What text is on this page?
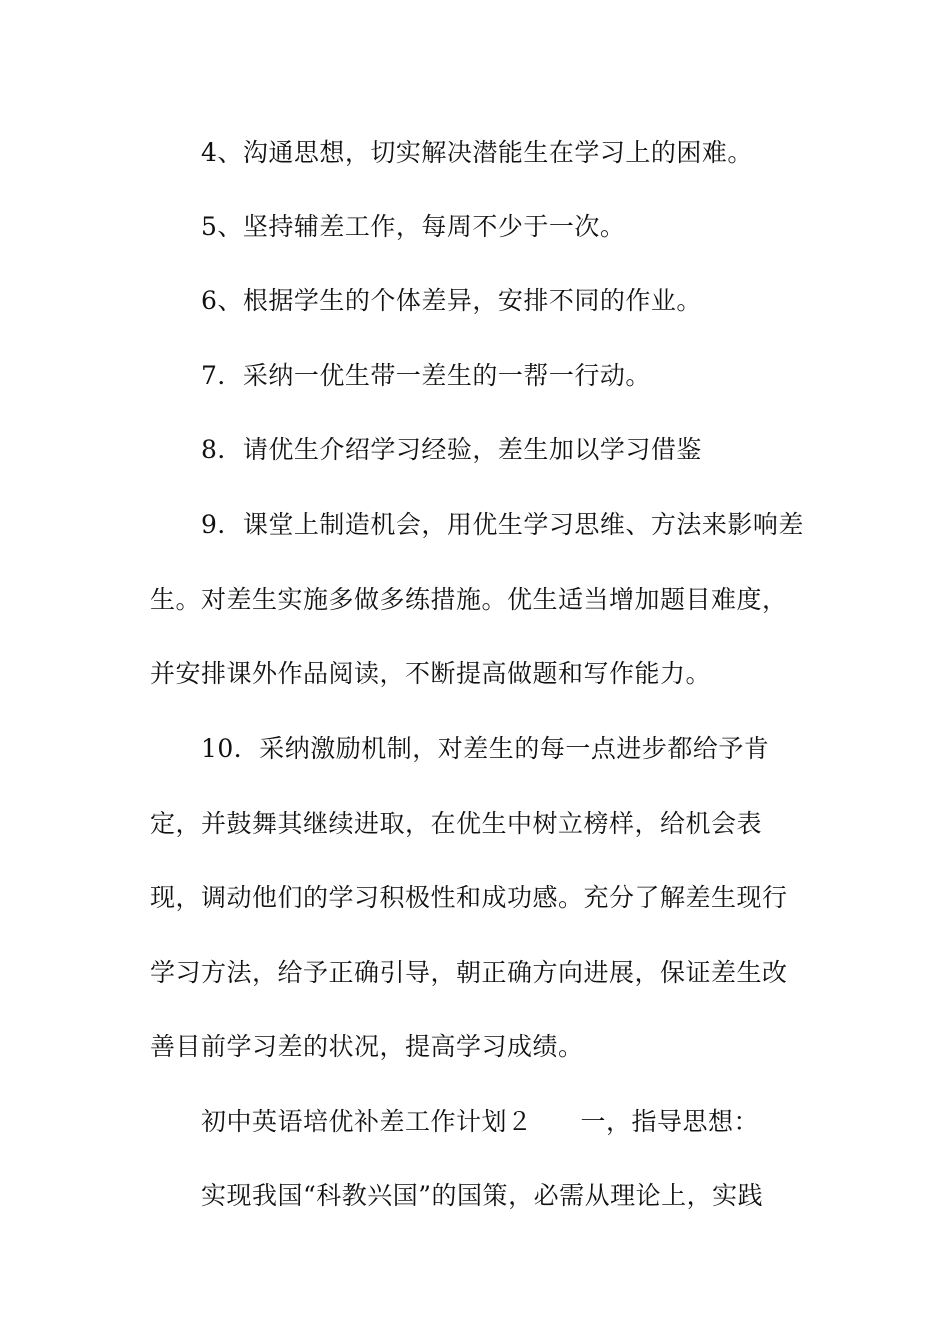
4、沟通思想，切实解决潜能生在学习上的困难。
5、坚持辅差工作，每周不少于一次。
6、根据学生的个体差异，安排不同的作业。
7．采纳一优生带一差生的一帮一行动。
8．请优生介绍学习经验，差生加以学习借鉴
9．课堂上制造机会，用优生学习思维、方法来影响差
生。对差生实施多做多练措施。优生适当增加题目难度，
并安排课外作品阅读，不断提高做题和写作能力。
10．采纳激励机制，对差生的每一点进步都给予肯
定，并鼓舞其继续进取，在优生中树立榜样，给机会表
现，调动他们的学习积极性和成功感。充分了解差生现行
学习方法，给予正确引导，朝正确方向进展，保证差生改
善目前学习差的状况，提高学习成绩。
初中英语培优补差工作计划２ 一，指导思想：
实现我国“科教兴国”的国策，必需从理论上，实践
